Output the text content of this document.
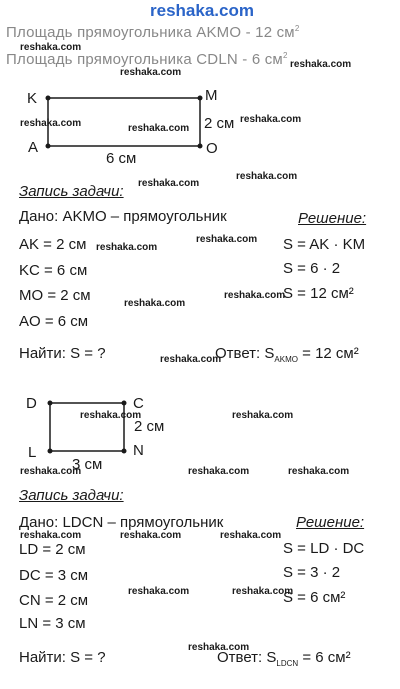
reshaka.com
Площадь прямоугольника AKMO - 12 $см^2$
Площадь прямоугольника CDLN - 6 $см^2$
K	M
A	O
2 см
6 см
Запись задачи:
Дано: AKMO – прямоугольник	Решение:
AK = 2 см
KC = 6 см
MO = 2 см
AO = 6 см
S = AK · KM
S = 6 · 2
S = 12 см²
Найти: S = ?	Ответ: $S_{AKMO} = 12$ см²
D	C
L	N
2 см
3 см
Запись задачи:
Дано: LDCN – прямоугольник	Решение:
LD = 2 см
DC = 3 см
CN = 2 см
LN = 3 см
S = LD · DC
S = 3 · 2
S = 6 см²
Найти: S = ?	Ответ: $S_{LDCN} = 6$ см²
reshaka.com
reshaka.com
reshaka.com
reshaka.com	reshaka.com
reshaka.com
reshaka.com
reshaka.com
reshaka.com
reshaka.com
reshaka.com
reshaka.com
reshaka.com
reshaka.com	reshaka.com
reshaka.com	reshaka.com	reshaka.com
reshaka.com	reshaka.com	reshaka.com
reshaka.com	reshaka.com
reshaka.com
